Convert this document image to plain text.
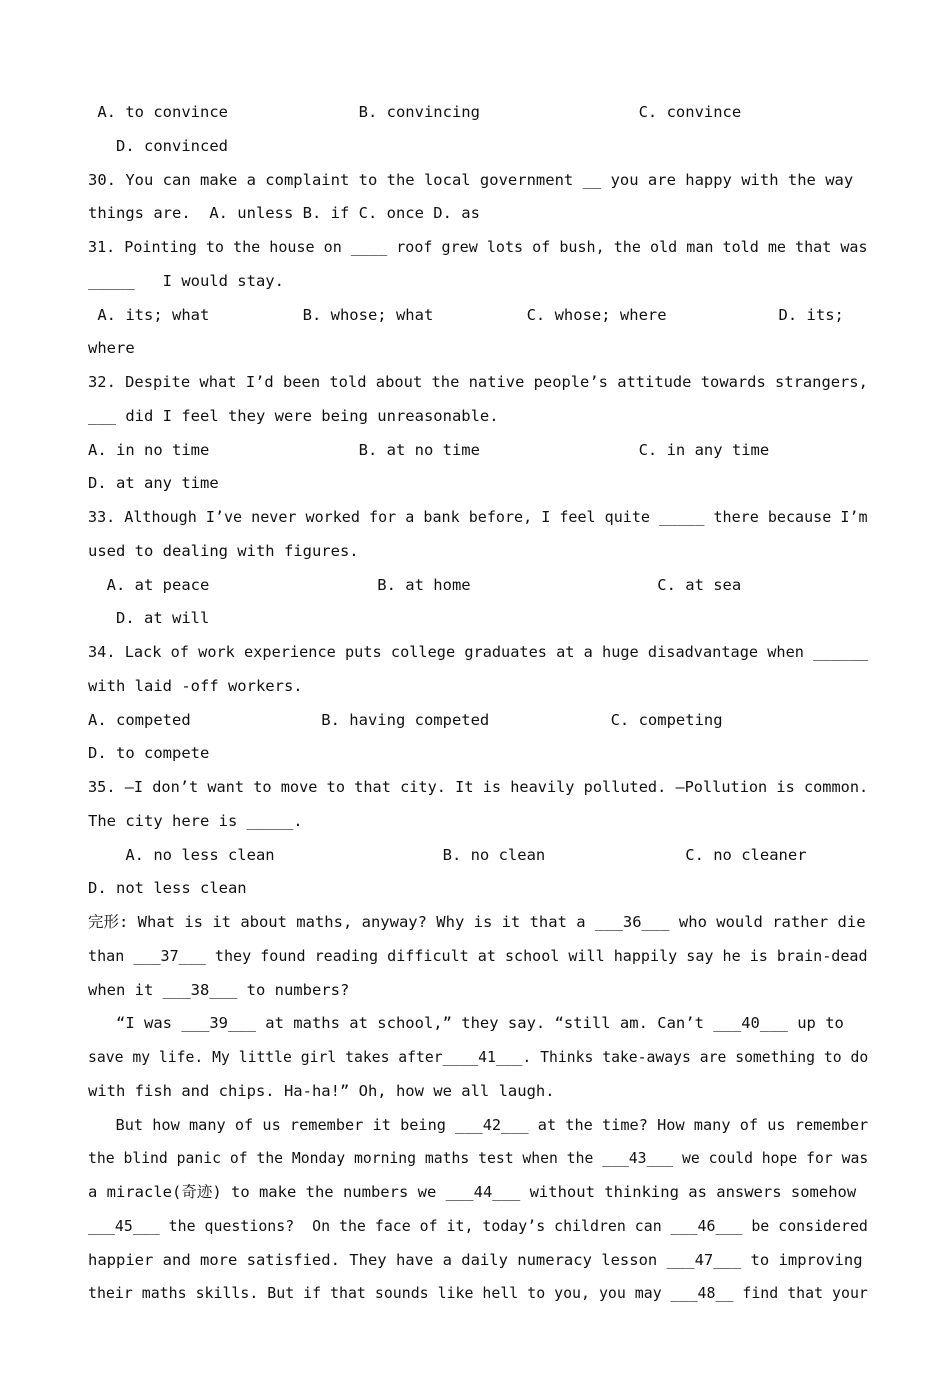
A. to convince              B. convincing                 C. convince
D. convinced
30. You can make a complaint to the local government __ you are happy with the way
things are.  A. unless B. if C. once D. as
31. Pointing to the house on ____ roof grew lots of bush, the old man told me that was
_____   I would stay.
A. its; what          B. whose; what          C. whose; where            D. its;
where
32. Despite what I’d been told about the native people’s attitude towards strangers,
___ did I feel they were being unreasonable.
A. in no time                B. at no time                 C. in any time
D. at any time
33. Although I’ve never worked for a bank before, I feel quite _____ there because I’m
used to dealing with figures.
A. at peace                  B. at home                    C. at sea
D. at will
34. Lack of work experience puts college graduates at a huge disadvantage when ______
with laid -off workers.
A. competed              B. having competed             C. competing
D. to compete
35. —I don’t want to move to that city. It is heavily polluted. —Pollution is common.
The city here is _____.
A. no less clean                  B. no clean               C. no cleaner
D. not less clean
完形: What is it about maths, anyway? Why is it that a ___36___ who would rather die
than ___37___ they found reading difficult at school will happily say he is brain-dead
when it ___38___ to numbers?
“I was ___39___ at maths at school,” they say. “still am. Can’t ___40___ up to
save my life. My little girl takes after____41___. Thinks take-aways are something to do
with fish and chips. Ha-ha!” Oh, how we all laugh.
But how many of us remember it being ___42___ at the time? How many of us remember
the blind panic of the Monday morning maths test when the ___43___ we could hope for was
a miracle(奇迹) to make the numbers we ___44___ without thinking as answers somehow
___45___ the questions?  On the face of it, today’s children can ___46___ be considered
happier and more satisfied. They have a daily numeracy lesson ___47___ to improving
their maths skills. But if that sounds like hell to you, you may ___48__ find that your
